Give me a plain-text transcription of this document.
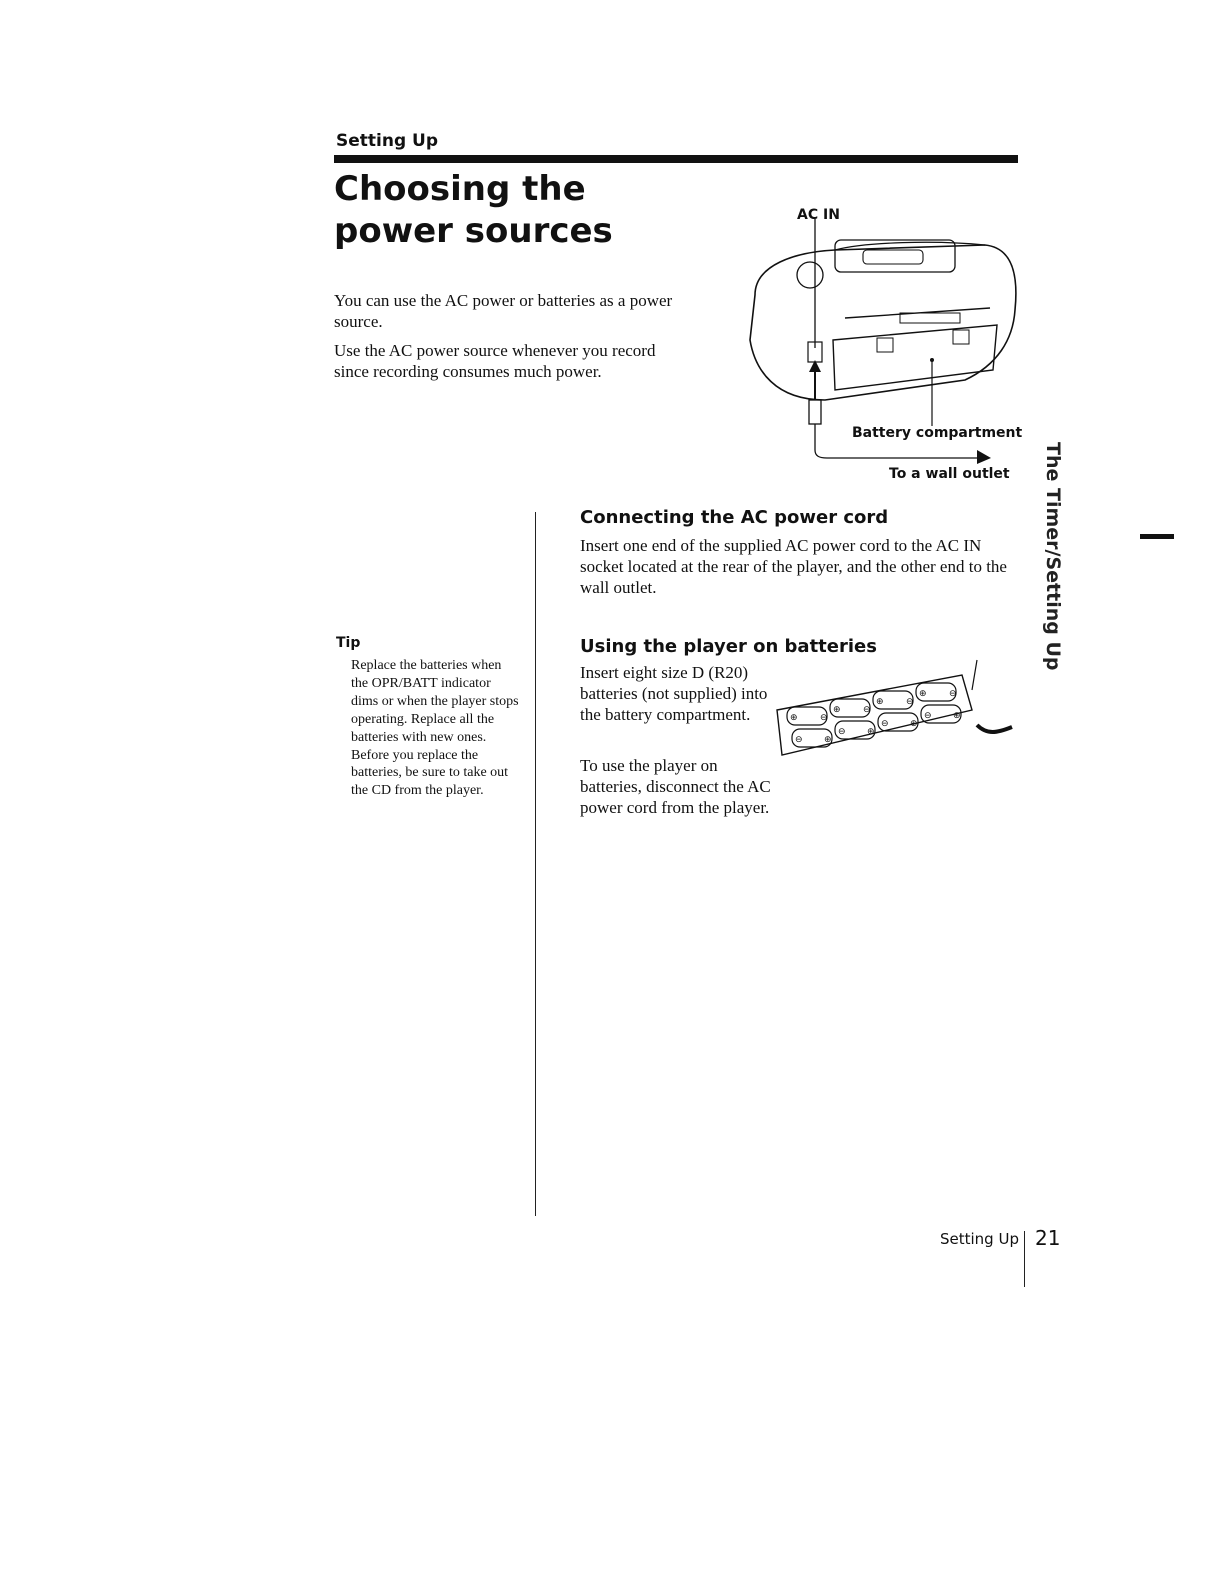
Setting Up
Choosing the
power sources

You can use the AC power or batteries as a power source.

Use the AC power source whenever you record since recording consumes much power.

AC IN
Battery compartment
To a wall outlet
Connecting the AC power cord
Insert one end of the supplied AC power cord to the AC IN socket located at the rear of the player, and the other end to the wall outlet.
Using the player on batteries
Insert eight size D (R20) batteries (not supplied) into the battery compartment.
To use the player on batteries, disconnect the AC power cord from the player.
⊖
⊕
⊖
⊕
⊖
⊕
⊖
⊕
⊖ ⊕
⊖ ⊕
⊖ ⊕
⊖ ⊕
Tip
Replace the batteries when the OPR/BATT indicator dims or when the player stops operating. Replace all the batteries with new ones. Before you replace the batteries, be sure to take out the CD from the player.
The Timer/Setting Up
Setting Up 21
